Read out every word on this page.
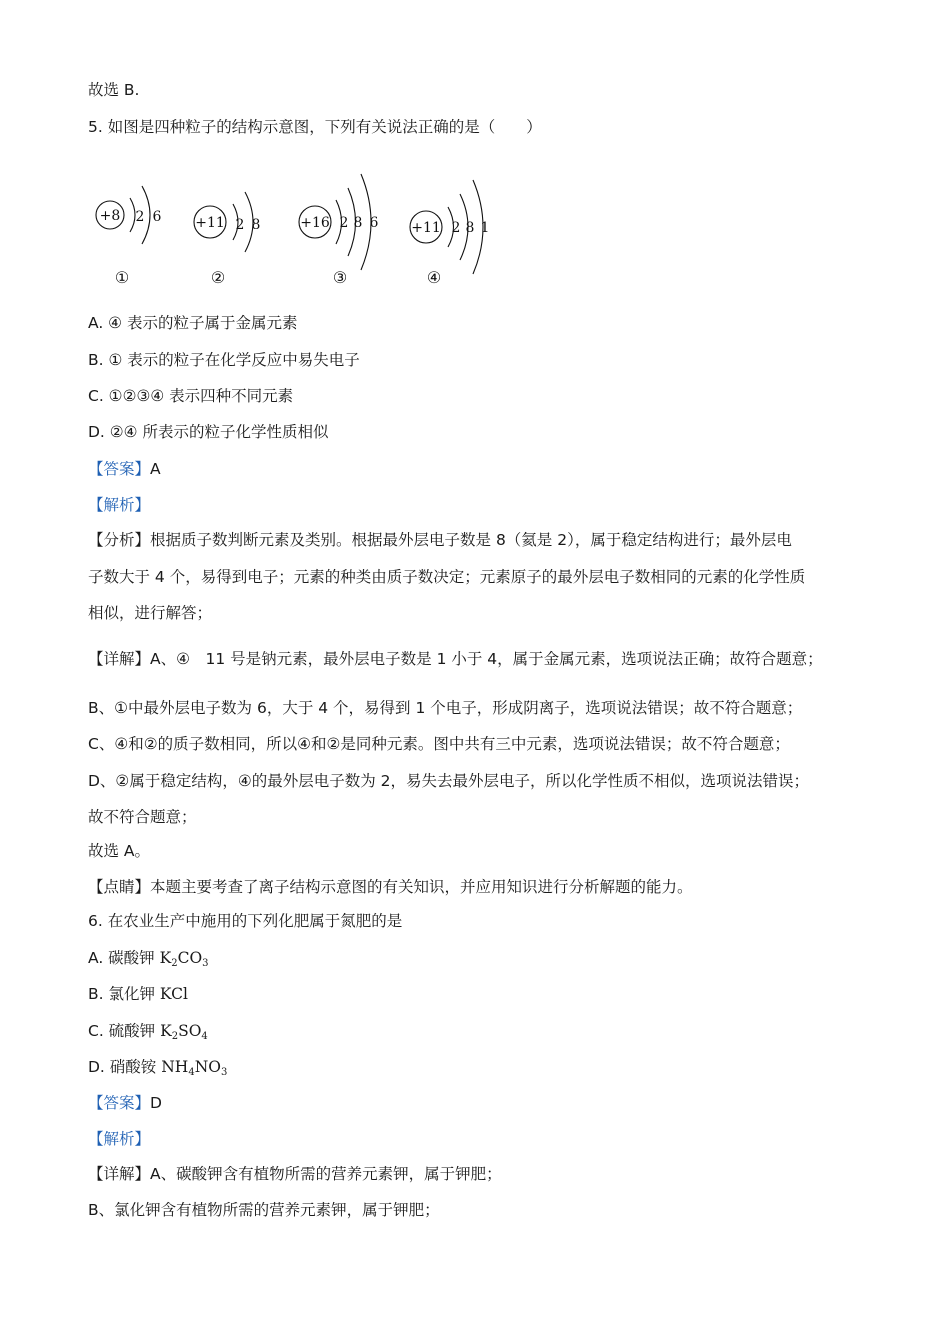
故选 B.
5. 如图是四种粒子的结构示意图，下列有关说法正确的是（　　）
+8 2 6
①
+11 2 8
②
+16 2 8 6
③
+11 2 8 1
④
A. ④ 表示的粒子属于金属元素
B. ① 表示的粒子在化学反应中易失电子
C. ①②③④ 表示四种不同元素
D. ②④ 所表示的粒子化学性质相似
【答案】A
【解析】
【分析】根据质子数判断元素及类别。根据最外层电子数是 8（氦是 2），属于稳定结构进行；最外层电
子数大于 4 个，易得到电子；元素的种类由质子数决定；元素原子的最外层电子数相同的元素的化学性质
相似，进行解答；
【详解】A、④　11 号是钠元素，最外层电子数是 1 小于 4，属于金属元素，选项说法正确；故符合题意；
B、①中最外层电子数为 6，大于 4 个，易得到 1 个电子，形成阴离子，选项说法错误；故不符合题意；
C、④和②的质子数相同，所以④和②是同种元素。图中共有三中元素，选项说法错误；故不符合题意；
D、②属于稳定结构，④的最外层电子数为 2，易失去最外层电子，所以化学性质不相似，选项说法错误；
故不符合题意；
故选 A。
【点睛】本题主要考查了离子结构示意图的有关知识，并应用知识进行分析解题的能力。
6. 在农业生产中施用的下列化肥属于氮肥的是
A. 碳酸钾 $K_2CO_3$
B. 氯化钾 KCl
C. 硫酸钾 $K_2SO_4$
D. 硝酸铵 $NH_4NO_3$
【答案】D
【解析】
【详解】A、碳酸钾含有植物所需的营养元素钾，属于钾肥；
B、氯化钾含有植物所需的营养元素钾，属于钾肥；
